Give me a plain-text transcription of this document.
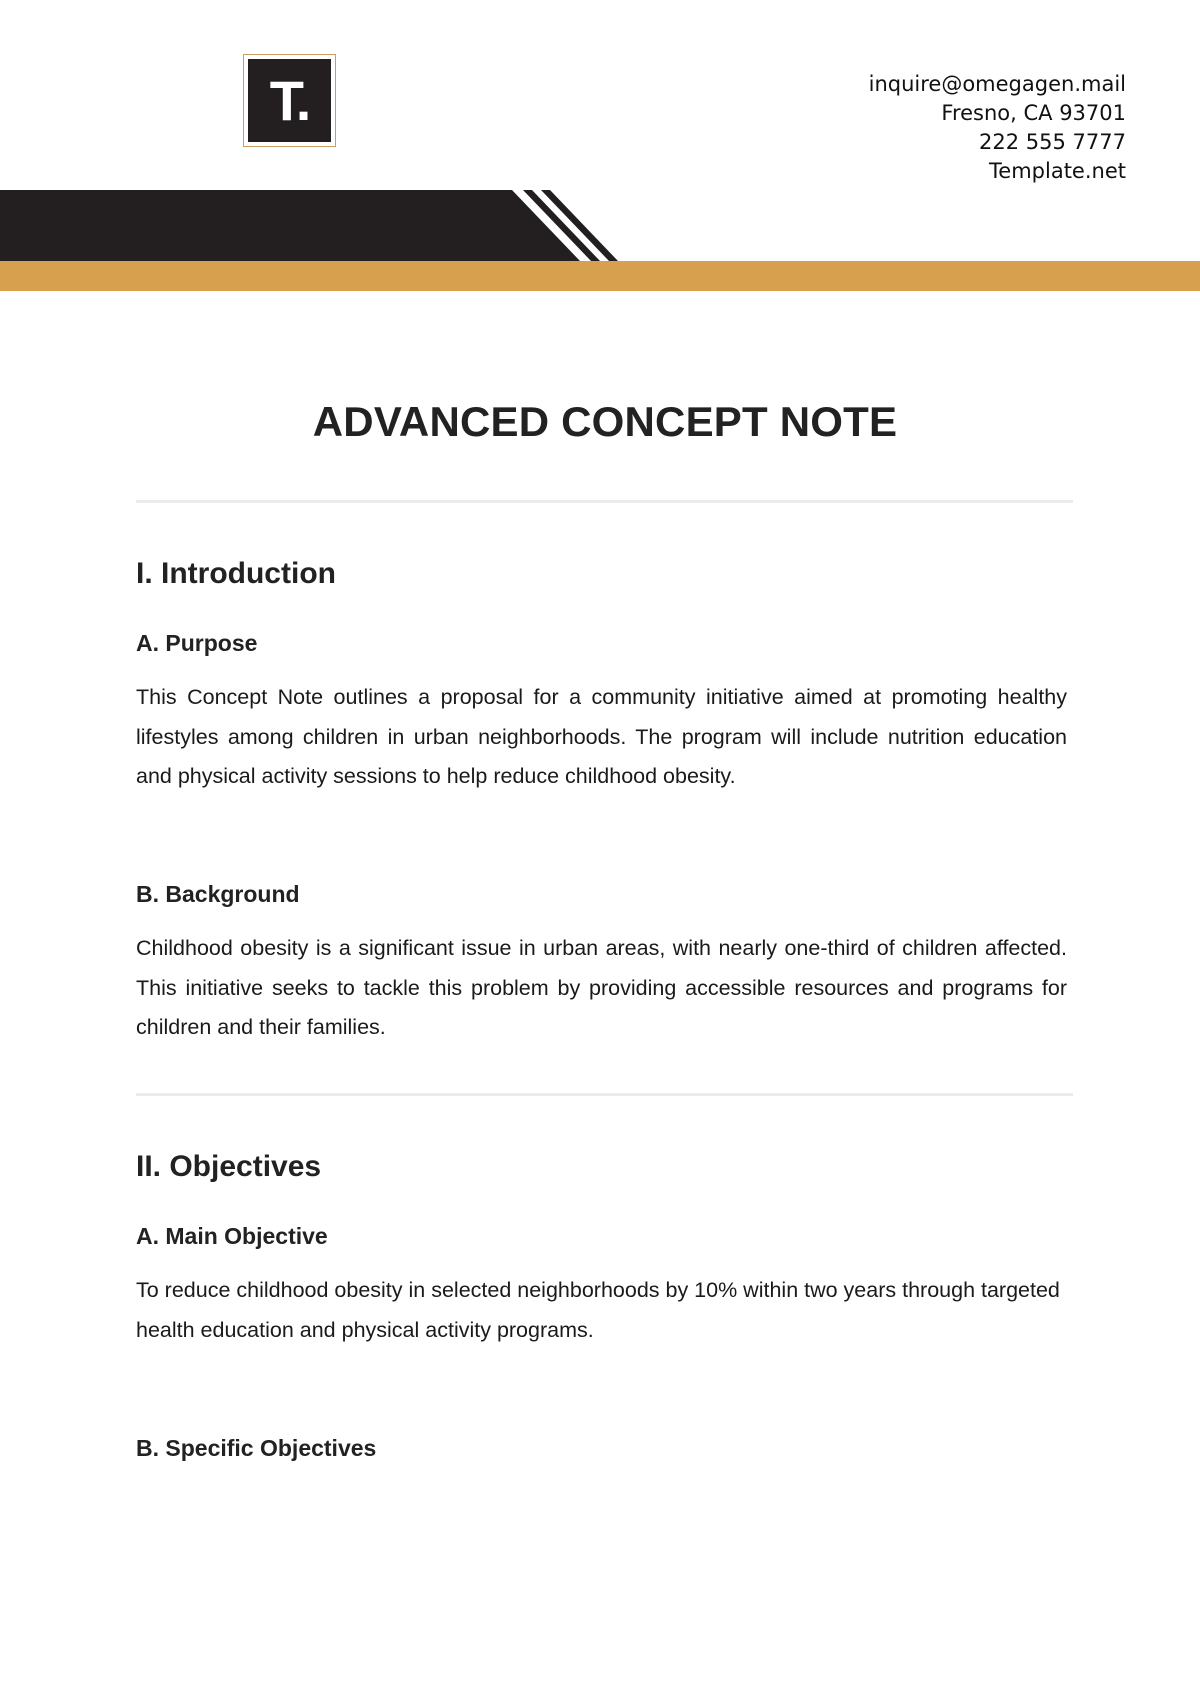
T.	inquire@omegagen.mail
Fresno, CA 93701
222 555 7777
Template.net
ADVANCED CONCEPT NOTE
I. Introduction
A. Purpose

This Concept Note outlines a proposal for a community initiative aimed at promoting healthy lifestyles among children in urban neighborhoods. The program will include nutrition education and physical activity sessions to help reduce childhood obesity.

B. Background

Childhood obesity is a significant issue in urban areas, with nearly one-third of children affected. This initiative seeks to tackle this problem by providing accessible resources and programs for children and their families.

II. Objectives
A. Main Objective

To reduce childhood obesity in selected neighborhoods by 10% within two years through targeted health education and physical activity programs.

B. Specific Objectives
